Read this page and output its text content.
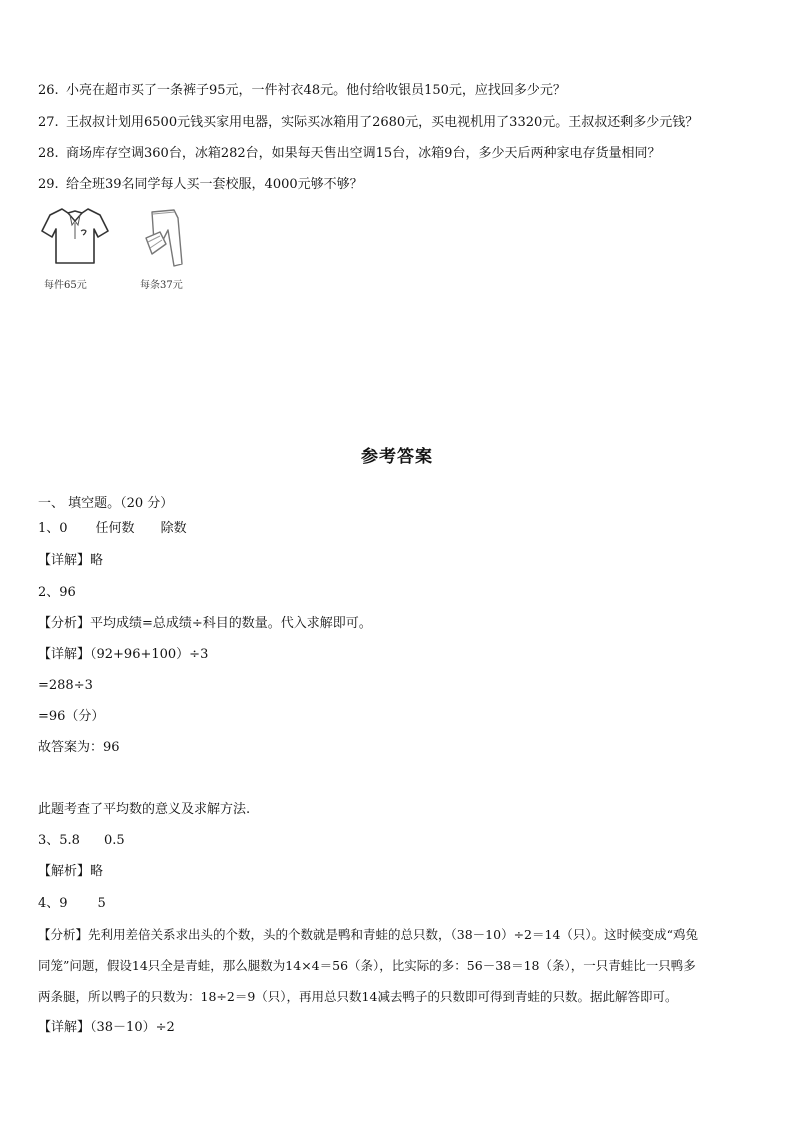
26. 小亮在超市买了一条裤子95元，一件衬衣48元。他付给收银员150元，应找回多少元？
27. 王叔叔计划用6500元钱买家用电器，实际买冰箱用了2680元，买电视机用了3320元。王叔叔还剩多少元钱？
28. 商场库存空调360台，冰箱282台，如果每天售出空调15台，冰箱9台，多少天后两种家电存货量相同？
29. 给全班39名同学每人买一套校服，4000元够不够？
每件65元	每条37元
参考答案
一、 填空题。（20 分）
1、0 任何数 除数
【详解】略
2、96
【分析】平均成绩=总成绩÷科目的数量。代入求解即可。
【详解】（92+96+100）÷3
=288÷3
=96（分）
故答案为：96
此题考查了平均数的意义及求解方法.
3、5.8 0.5
【解析】略
4、9 5
【分析】先利用差倍关系求出头的个数，头的个数就是鸭和青蛙的总只数，（38－10）÷2＝14（只）。这时候变成“鸡兔
同笼”问题，假设14只全是青蛙，那么腿数为14×4＝56（条），比实际的多：56－38＝18（条），一只青蛙比一只鸭多
两条腿，所以鸭子的只数为：18÷2＝9（只），再用总只数14减去鸭子的只数即可得到青蛙的只数。据此解答即可。
【详解】（38－10）÷2
